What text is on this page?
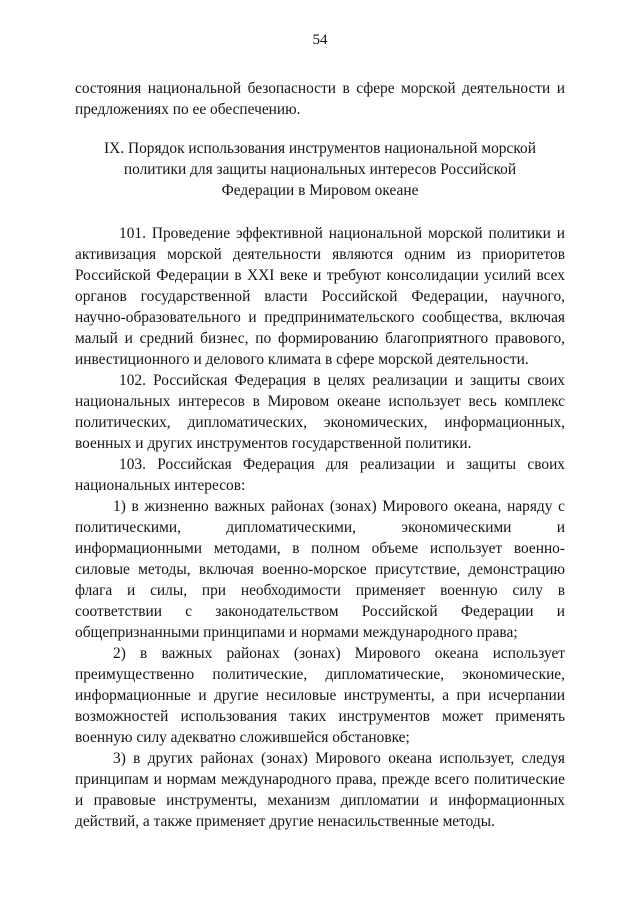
54

состояния национальной безопасности в сфере морской деятельности и предложениях по ее обеспечению.

IX. Порядок использования инструментов национальной морской
политики для защиты национальных интересов Российской
Федерации в Мировом океане

101. Проведение эффективной национальной морской политики и активизация морской деятельности являются одним из приоритетов Российской Федерации в XXI веке и требуют консолидации усилий всех органов государственной власти Российской Федерации, научного, научно-образовательного и предпринимательского сообщества, включая малый и средний бизнес, по формированию благоприятного правового, инвестиционного и делового климата в сфере морской деятельности.

102. Российская Федерация в целях реализации и защиты своих национальных интересов в Мировом океане использует весь комплекс политических, дипломатических, экономических, информационных, военных и других инструментов государственной политики.

103. Российская Федерация для реализации и защиты своих национальных интересов:

1) в жизненно важных районах (зонах) Мирового океана, наряду с политическими, дипломатическими, экономическими и информационными методами, в полном объеме использует военно-силовые методы, включая военно-морское присутствие, демонстрацию флага и силы, при необходимости применяет военную силу в соответствии с законодательством Российской Федерации и общепризнанными принципами и нормами международного права;

2) в важных районах (зонах) Мирового океана использует преимущественно политические, дипломатические, экономические, информационные и другие несиловые инструменты, а при исчерпании возможностей использования таких инструментов может применять военную силу адекватно сложившейся обстановке;

3) в других районах (зонах) Мирового океана использует, следуя принципам и нормам международного права, прежде всего политические и правовые инструменты, механизм дипломатии и информационных действий, а также применяет другие ненасильственные методы.
